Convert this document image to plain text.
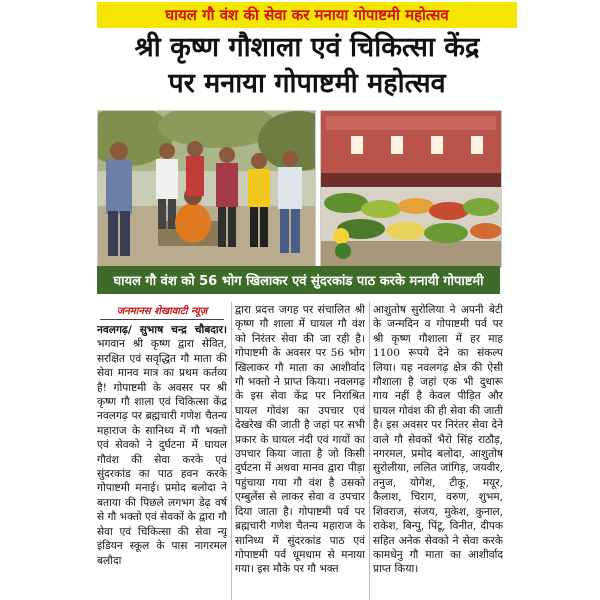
घायल गौ वंश की सेवा कर मनाया गोपाष्टमी महोत्सव
श्री कृष्ण गौशाला एवं चिकित्सा केंद्र
पर मनाया गोपाष्टमी महोत्सव
घायल गौ वंश को 56 भोग खिलाकर एवं सुंदरकांड पाठ करके मनायी गोपाष्टमी
जनमानस शेखावाटी न्यूज़
नवलगढ़/ सुभाष चन्द्र चौबदार। भगवान श्री कृष्ण द्वारा सेवित, सरक्षित एवं सवृद्धित गौ माता की सेवा मानव मात्र का प्रथम कर्तव्य है! गोपाष्टमी के अवसर पर श्री कृष्ण गौ शाला एवं चिकित्सा केंद्र नवलगढ़ पर ब्रह्मचारी गणेश चैतन्य महाराज के सानिध्य में गौ भक्तो एवं सेवको ने दुर्घटना में घायल गौवंश की सेवा करके एवं सुंदरकांड का पाठ हवन करके गोपाष्टमी मनाई। प्रमोद बलोदा ने बताया की पिछले लगभग डेढ़ वर्ष से गौ भक्तो एवं सेवकों के द्वारा गौ सेवा एवं चिकित्सा की सेवा न्यू इंडियन स्कूल के पास नागरमल बलौदा
द्वारा प्रदत्त जगह पर संचालित श्री कृष्ण गौ शाला में घायल गौ वंश को निरंतर सेवा की जा रही है। गोपाष्टमी के अवसर पर 56 भोग खिलाकर गौ माता का आशीर्वाद गौ भक्तो ने प्राप्त किया। नवलगढ़ के इस सेवा केंद्र पर निराश्रित घायल गोवंश का उपचार एवं देखरेख की जाती है जहां पर सभी प्रकार के घायल नंदी एवं गायों का उपचार किया जाता है जो किसी दुर्घटना में अथवा मानव द्वारा पीड़ा पहुंचाया गया गौ वंश है उसको एम्बुलेंस से लाकर सेवा व उपचार दिया जाता है। गोपाष्टमी पर्व पर ब्रह्मचारी गणेश चैतन्य महाराज के सानिध्य में सुंदरकांड पाठ एवं गोपाष्टमी पर्व धूमधाम से मनाया गया। इस मौके पर गौ भक्त
आशुतोष सुरोलिया ने अपनी बेटी के जन्मदिन व गोपाष्टमी पर्व पर श्री कृष्ण गौशाला में हर माह 1100 रूपये देने का संकल्प लिया। यह नवलगढ़ क्षेत्र की ऐसी गौशाला है जहां एक भी दुधारू गाय नहीं है केवल पीड़ित और घायल गोवंश की ही सेवा की जाती है। इस अवसर पर निरंतर सेवा देने वाले गौ सेवकों भैरो सिंह राठौड़, नगरमल, प्रमोद बलोदा, आशुतोष सुरोलीया, ललित जांगिड़, जयवीर, तनुज, योगेश, टीकू, मयूर, कैलाश, चिराग, वरुण, शुभम, शिवराज, संजय, मुकेश, कुनाल, राकेश, बिन्पु, पिंटू, विनीत, दीपक सहित अनेक सेवको ने सेवा करके कामधेनु गौ माता का आशीर्वाद प्राप्त किया।
